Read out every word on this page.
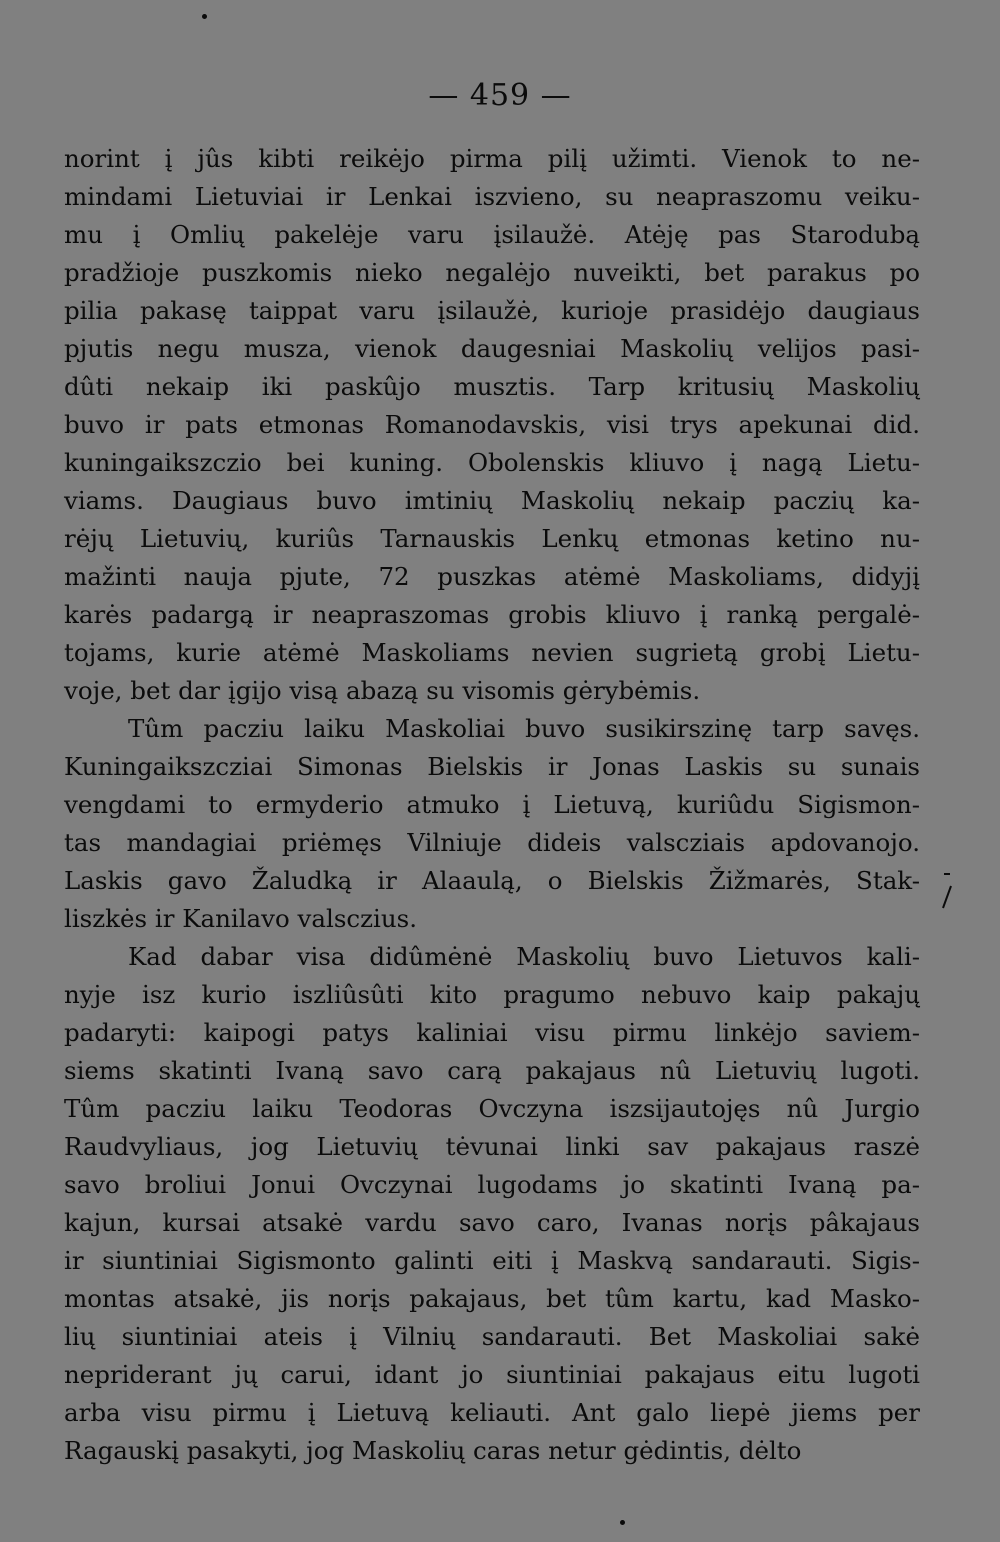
— 459 —
norint į jûs kibti reikėjo pirma pilį užimti. Vienok to ne-
mindami Lietuviai ir Lenkai iszvieno, su neapraszomu veiku-
mu į Omlių pakelėje varu įsilaužė. Atėję pas Starodubą
pradžioje puszkomis nieko negalėjo nuveikti, bet parakus po
pilia pakasę taippat varu įsilaužė, kurioje prasidėjo daugiaus
pjutis negu musza, vienok daugesniai Maskolių velijos pasi-
dûti nekaip iki paskûjo musztis. Tarp kritusių Maskolių
buvo ir pats etmonas Romanodavskis, visi trys apekunai did.
kuningaikszczio bei kuning. Obolenskis kliuvo į nagą Lietu-
viams. Daugiaus buvo imtinių Maskolių nekaip paczių ka-
rėjų Lietuvių, kuriûs Tarnauskis Lenkų etmonas ketino nu-
mažinti nauja pjute, 72 puszkas atėmė Maskoliams, didyjį
karės padargą ir neapraszomas grobis kliuvo į ranką pergalė-
tojams, kurie atėmė Maskoliams nevien sugrietą grobį Lietu-
voje, bet dar įgijo visą abazą su visomis gėrybėmis.
Tûm pacziu laiku Maskoliai buvo susikirszinę tarp savęs.
Kuningaikszcziai Simonas Bielskis ir Jonas Laskis su sunais
vengdami to ermyderio atmuko į Lietuvą, kuriûdu Sigismon-
tas mandagiai priėmęs Vilniuje dideis valscziais apdovanojo.
Laskis gavo Žaludką ir Alaaulą, o Bielskis Žižmarės, Stak-
liszkės ir Kanilavo valsczius.
Kad dabar visa didûmėnė Maskolių buvo Lietuvos kali-
nyje isz kurio iszliûsûti kito pragumo nebuvo kaip pakajų
padaryti: kaipogi patys kaliniai visu pirmu linkėjo saviem-
siems skatinti Ivaną savo carą pakajaus nû Lietuvių lugoti.
Tûm pacziu laiku Teodoras Ovczyna iszsijautojęs nû Jurgio
Raudvyliaus, jog Lietuvių tėvunai linki sav pakajaus raszė
savo broliui Jonui Ovczynai lugodams jo skatinti Ivaną pa-
kajun, kursai atsakė vardu savo caro, Ivanas norįs pâkajaus
ir siuntiniai Sigismonto galinti eiti į Maskvą sandarauti. Sigis-
montas atsakė, jis norįs pakajaus, bet tûm kartu, kad Masko-
lių siuntiniai ateis į Vilnių sandarauti. Bet Maskoliai sakė
nepriderant jų carui, idant jo siuntiniai pakajaus eitu lugoti
arba visu pirmu į Lietuvą keliauti. Ant galo liepė jiems per
Ragauskį pasakyti, jog Maskolių caras netur gėdintis, dėlto
